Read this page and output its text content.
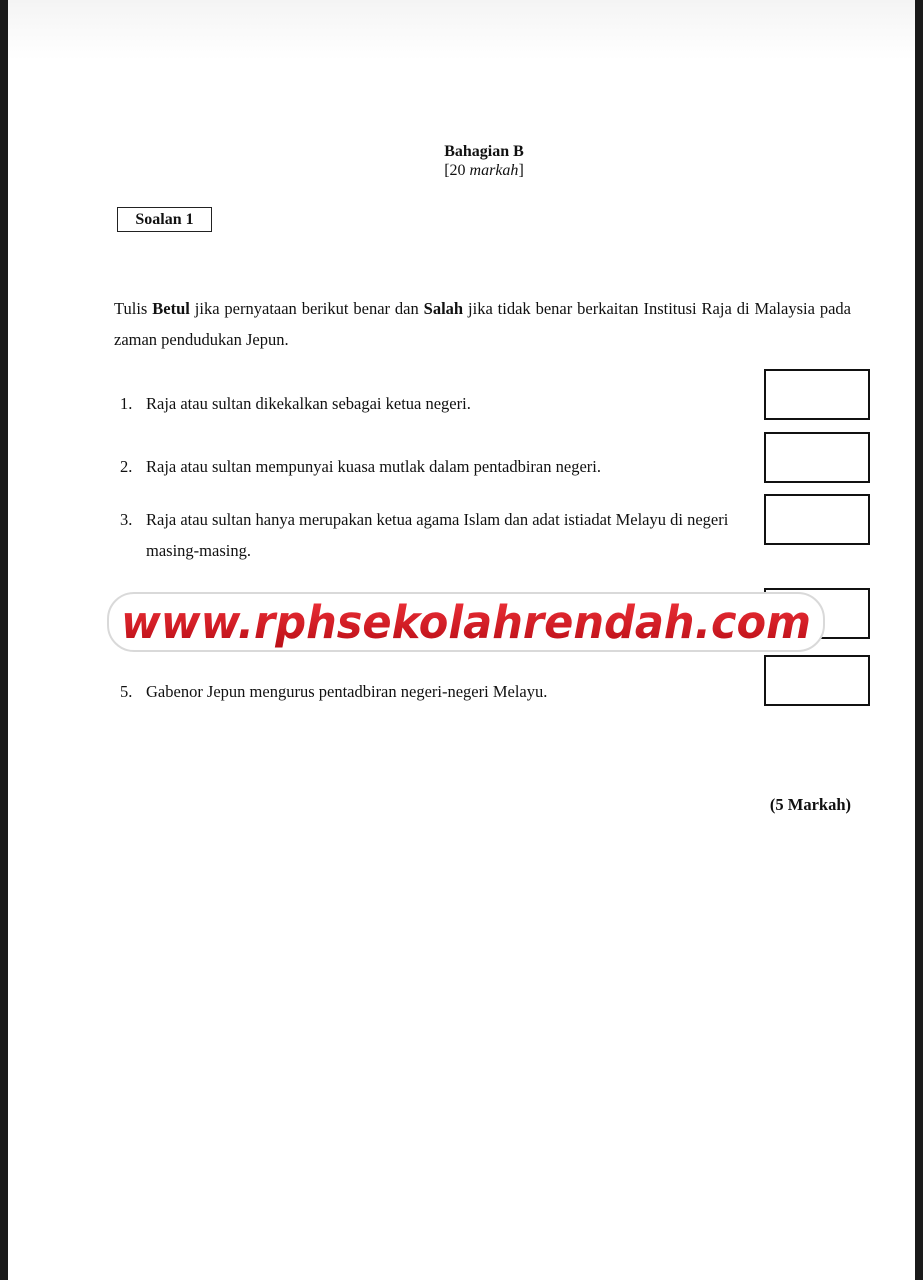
Bahagian B
[20 markah]
Soalan 1
Tulis Betul jika pernyataan berikut benar dan Salah jika tidak benar berkaitan Institusi Raja di Malaysia pada zaman pendudukan Jepun.
1. Raja atau sultan dikekalkan sebagai ketua negeri.
2. Raja atau sultan mempunyai kuasa mutlak dalam pentadbiran negeri.
3. Raja atau sultan hanya merupakan ketua agama Islam dan adat istiadat Melayu di negeri masing-masing.
5. Gabenor Jepun mengurus pentadbiran negeri-negeri Melayu.
(5 Markah)
www.rphsekolahrendah.com
